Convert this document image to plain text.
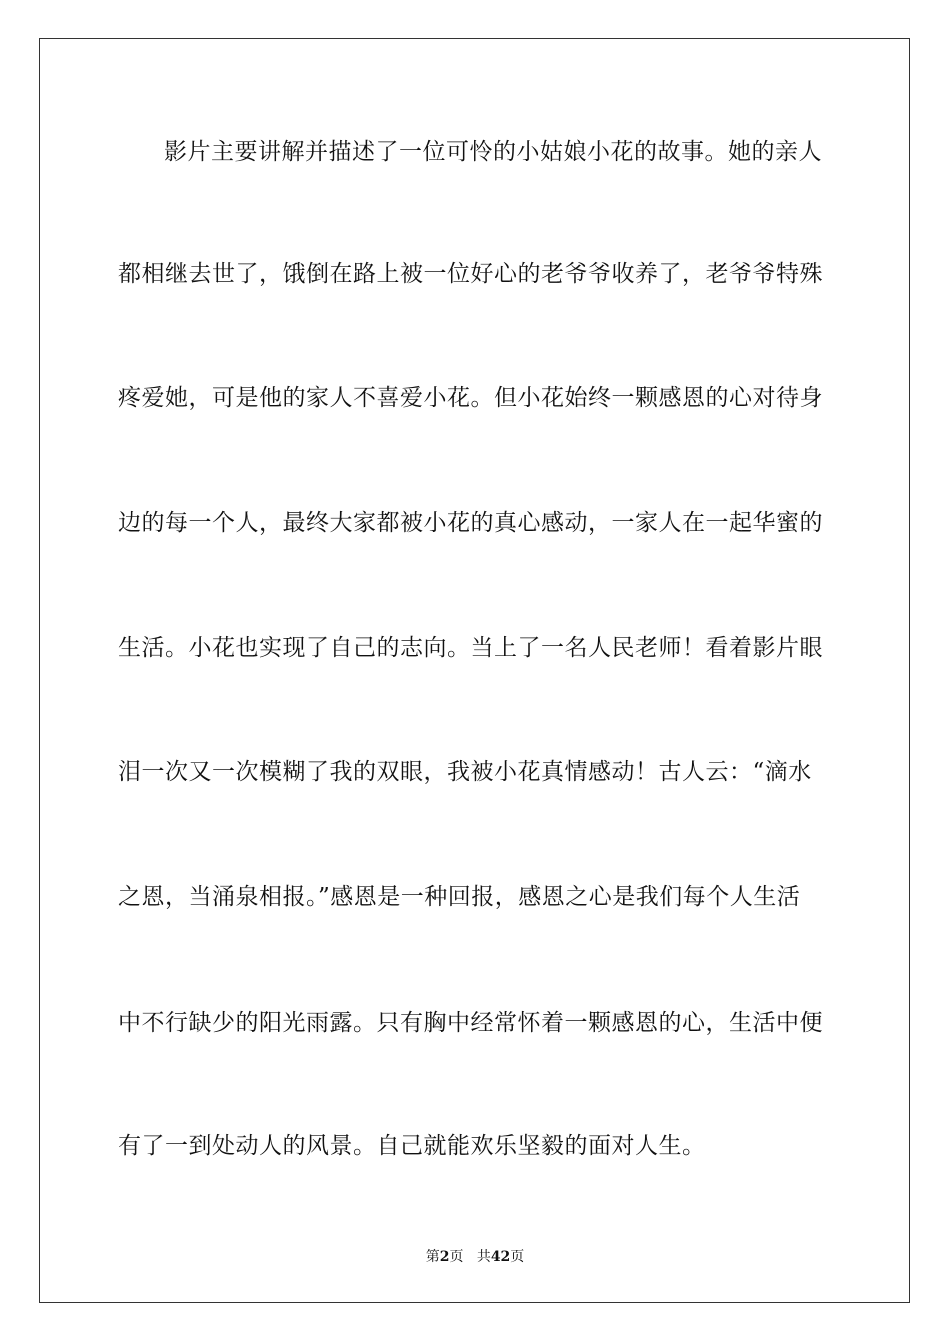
影片主要讲解并描述了一位可怜的小姑娘小花的故事。她的亲人
都相继去世了，饿倒在路上被一位好心的老爷爷收养了，老爷爷特殊
疼爱她，可是他的家人不喜爱小花。但小花始终一颗感恩的心对待身
边的每一个人，最终大家都被小花的真心感动，一家人在一起华蜜的
生活。小花也实现了自己的志向。当上了一名人民老师！看着影片眼
泪一次又一次模糊了我的双眼，我被小花真情感动！古人云：“滴水
之恩，当涌泉相报。”感恩是一种回报，感恩之心是我们每个人生活
中不行缺少的阳光雨露。只有胸中经常怀着一颗感恩的心，生活中便
有了一到处动人的风景。自己就能欢乐坚毅的面对人生。
第2页 共42页
